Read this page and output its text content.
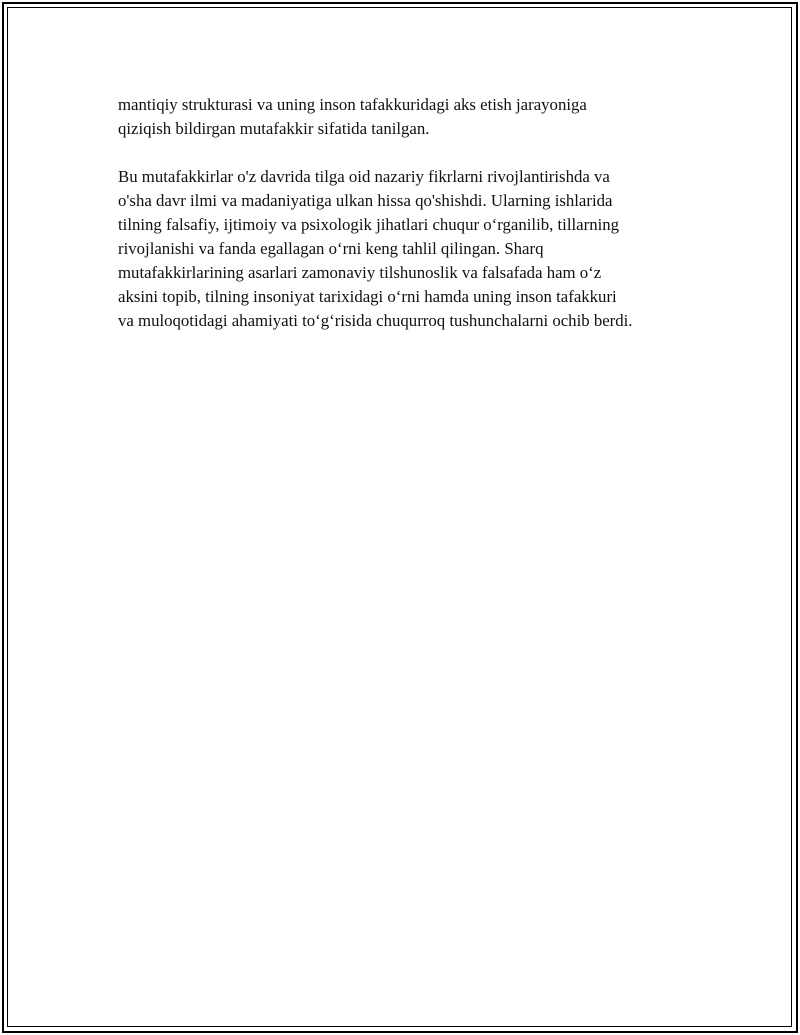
mantiqiy strukturasi va uning inson tafakkuridagi aks etish jarayoniga
qiziqish bildirgan mutafakkir sifatida tanilgan.

Bu mutafakkirlar o'z davrida tilga oid nazariy fikrlarni rivojlantirishda va
o'sha davr ilmi va madaniyatiga ulkan hissa qo'shishdi. Ularning ishlarida
tilning falsafiy, ijtimoiy va psixologik jihatlari chuqur o‘rganilib, tillarning
rivojlanishi va fanda egallagan o‘rni keng tahlil qilingan. Sharq
mutafakkirlarining asarlari zamonaviy tilshunoslik va falsafada ham o‘z
aksini topib, tilning insoniyat tarixidagi o‘rni hamda uning inson tafakkuri
va muloqotidagi ahamiyati to‘g‘risida chuqurroq tushunchalarni ochib berdi.
